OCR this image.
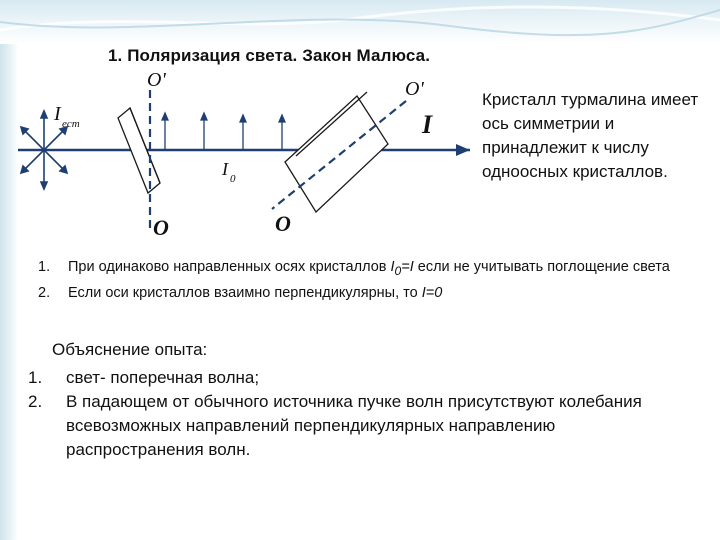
1. Поляризация света. Закон Малюса.
I eст
I 0
I
O'	O'
O	O
Кристалл турмалина имеет ось симметрии и принадлежит к числу одноосных кристаллов.
1. При одинаково направленных осях кристаллов $I_0=I$ если не учитывать поглощение света
2. Если оси кристаллов взаимно перпендикулярны, то I=0
Объяснение опыта:
1. свет- поперечная волна;
2. В падающем от обычного источника пучке волн присутствуют колебания всевозможных направлений перпендикулярных направлению распространения волн.
